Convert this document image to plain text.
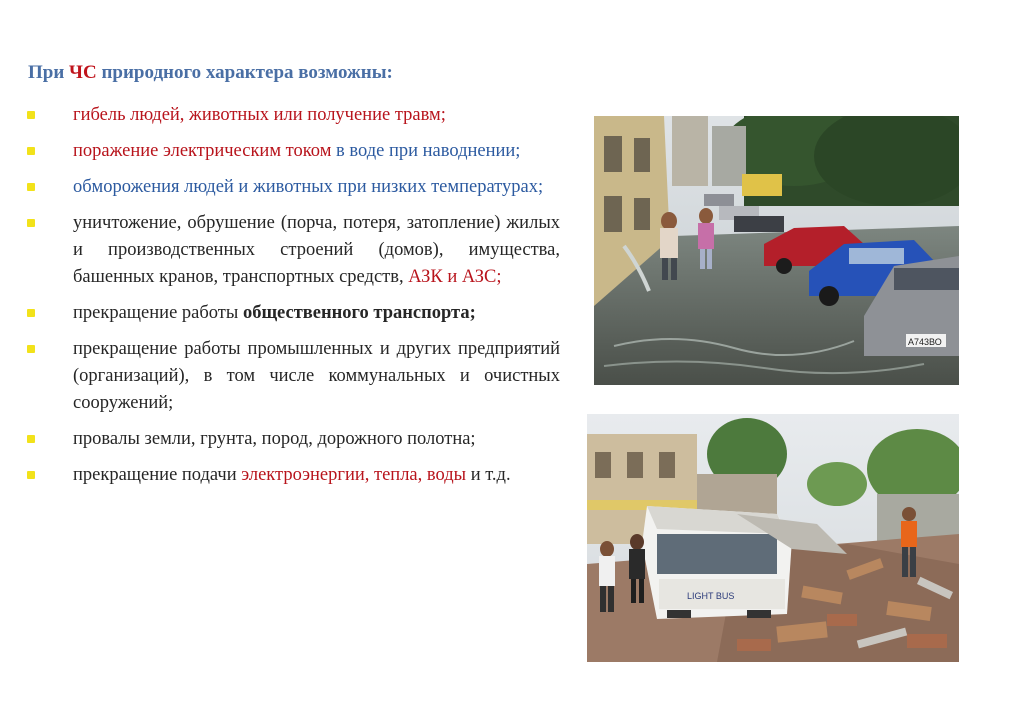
При ЧС природного характера возможны:
гибель людей, животных или получение травм;
поражение электрическим током в воде при наводнении;
обморожения людей и животных при низких температурах;
уничтожение, обрушение (порча, потеря, затопление) жилых и производственных строений (домов), имущества, башенных кранов, транспортных средств, АЗК и АЗС;
прекращение работы общественного транспорта;
прекращение работы промышленных и других предприятий (организаций), в том числе коммунальных и очистных сооружений;
провалы земли, грунта, пород, дорожного полотна;
прекращение подачи электроэнергии, тепла, воды и т.д.
А743ВО
LIGHT BUS
